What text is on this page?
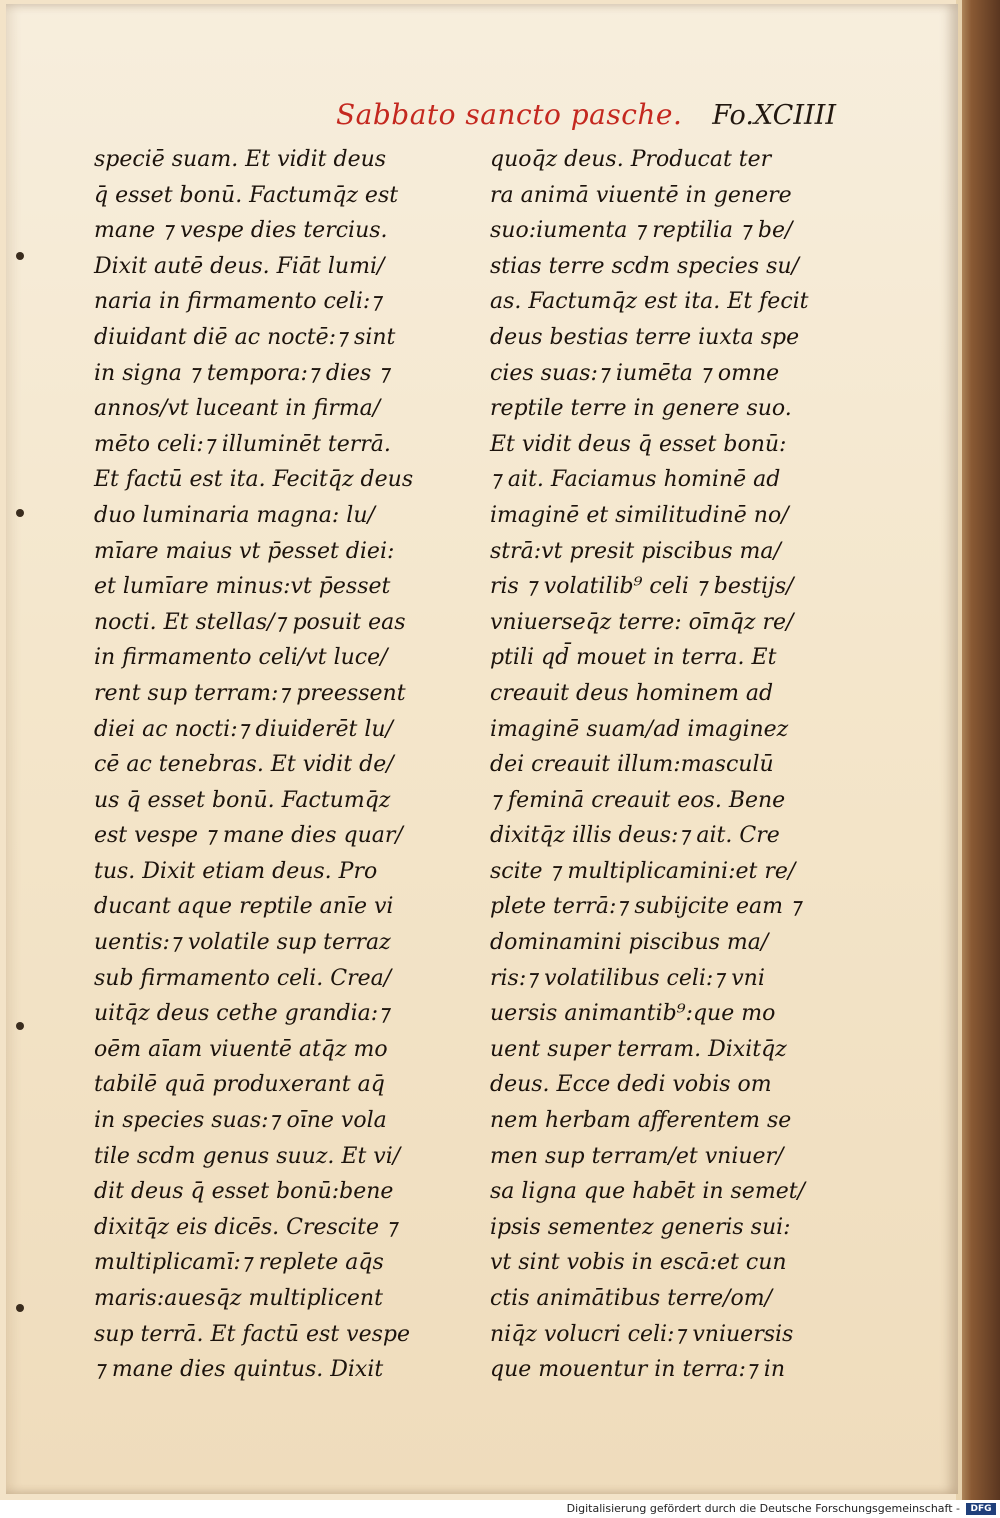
Sabbato sancto pasche. Fo.XCIIII
speciē suam. Et vidit deus
q̄ esset bonū. Factumq̄z est
mane ⁊ vespe dies tercius.
Dixit autē deus. Fiāt lumi/
naria in firmamento celi:⁊
diuidant diē ac noctē:⁊ sint
in signa ⁊ tempora:⁊ dies ⁊
annos/vt luceant in firma/
mēto celi:⁊ illuminēt terrā.
Et factū est ita. Fecitq̄z deus
duo luminaria magna: lu/
mīare maius vt p̄esset diei:
et lumīare minus:vt p̄esset
nocti. Et stellas/⁊ posuit eas
in firmamento celi/vt luce/
rent sup terram:⁊ preessent
diei ac nocti:⁊ diuiderēt lu/
cē ac tenebras. Et vidit de/
us q̄ esset bonū. Factumq̄z
est vespe ⁊ mane dies quar/
tus. Dixit etiam deus. Pro
ducant aque reptile anīe vi
uentis:⁊ volatile sup terraz
sub firmamento celi. Crea/
uitq̄z deus cethe grandia:⁊
oēm aīam viuentē atq̄z mo
tabilē quā produxerant aq̄
in species suas:⁊ oīne vola
tile scdm genus suuz. Et vi/
dit deus q̄ esset bonū:bene
dixitq̄z eis dicēs. Crescite ⁊
multiplicamī:⁊ replete aq̄s
maris:auesq̄z multiplicent
sup terrā. Et factū est vespe
⁊ mane dies quintus. Dixit
quoq̄z deus. Producat ter
ra animā viuentē in genere
suo:iumenta ⁊ reptilia ⁊ be/
stias terre scdm species su/
as. Factumq̄z est ita. Et fecit
deus bestias terre iuxta spe
cies suas:⁊ iumēta ⁊ omne
reptile terre in genere suo.
Et vidit deus q̄ esset bonū:
⁊ ait. Faciamus hominē ad
imaginē et similitudinē no/
strā:vt presit piscibus ma/
ris ⁊ volatilib⁹ celi ⁊ bestijs/
vniuerseq̄z terre: oīmq̄z re/
ptili qd̄ mouet in terra. Et
creauit deus hominem ad
imaginē suam/ad imaginez
dei creauit illum:masculū
⁊ feminā creauit eos. Bene
dixitq̄z illis deus:⁊ ait. Cre
scite ⁊ multiplicamini:et re/
plete terrā:⁊ subijcite eam ⁊
dominamini piscibus ma/
ris:⁊ volatilibus celi:⁊ vni
uersis animantib⁹:que mo
uent super terram. Dixitq̄z
deus. Ecce dedi vobis om
nem herbam afferentem se
men sup terram/et vniuer/
sa ligna que habēt in semet/
ipsis sementez generis sui:
vt sint vobis in escā:et cun
ctis animātibus terre/om/
niq̄z volucri celi:⁊ vniuersis
que mouentur in terra:⁊ in
Digitalisierung gefördert durch die Deutsche Forschungsgemeinschaft -	DFG
